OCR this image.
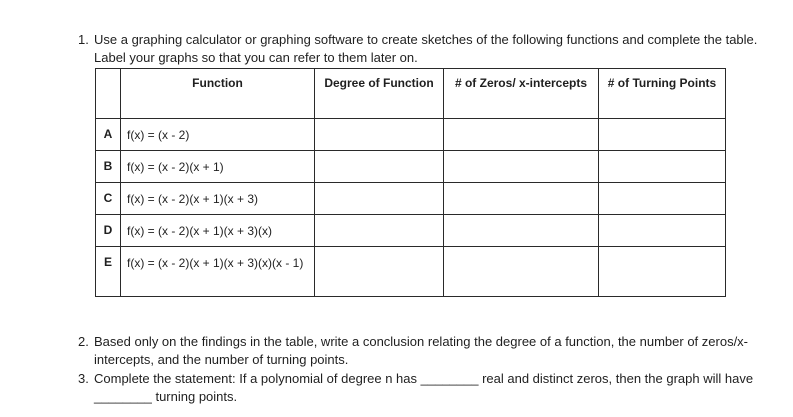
1. Use a graphing calculator or graphing software to create sketches of the following functions and complete the table. Label your graphs so that you can refer to them later on.
	Function	Degree of Function	# of Zeros/ x-intercepts	# of Turning Points
A	f(x) = (x - 2)			
B	f(x) = (x - 2)(x + 1)			
C	f(x) = (x - 2)(x + 1)(x + 3)			
D	f(x) = (x - 2)(x + 1)(x + 3)(x)			
E	f(x) = (x - 2)(x + 1)(x + 3)(x)(x - 1)			
2. Based only on the findings in the table, write a conclusion relating the degree of a function, the number of zeros/x-intercepts, and the number of turning points.
3. Complete the statement: If a polynomial of degree n has ________ real and distinct zeros, then the graph will have ________ turning points.
